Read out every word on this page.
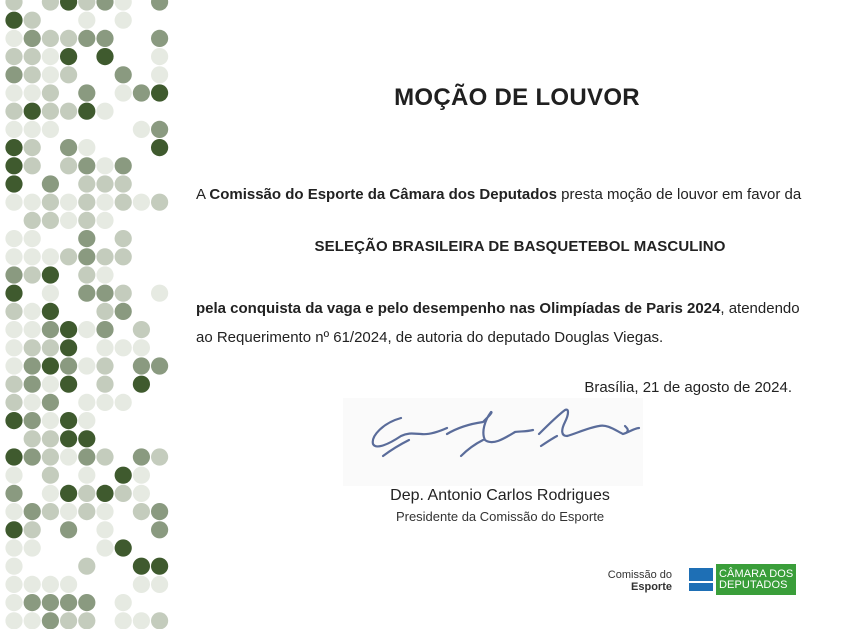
MOÇÃO DE LOUVOR
A Comissão do Esporte da Câmara dos Deputados presta moção de louvor em favor da
SELEÇÃO BRASILEIRA DE BASQUETEBOL MASCULINO
pela conquista da vaga e pelo desempenho nas Olimpíadas de Paris 2024, atendendo
ao Requerimento nº 61/2024, de autoria do deputado Douglas Viegas.
Brasília, 21 de agosto de 2024.
Dep. Antonio Carlos Rodrigues
Presidente da Comissão do Esporte
Comissão do
Esporte
CÂMARA DOS
DEPUTADOS
